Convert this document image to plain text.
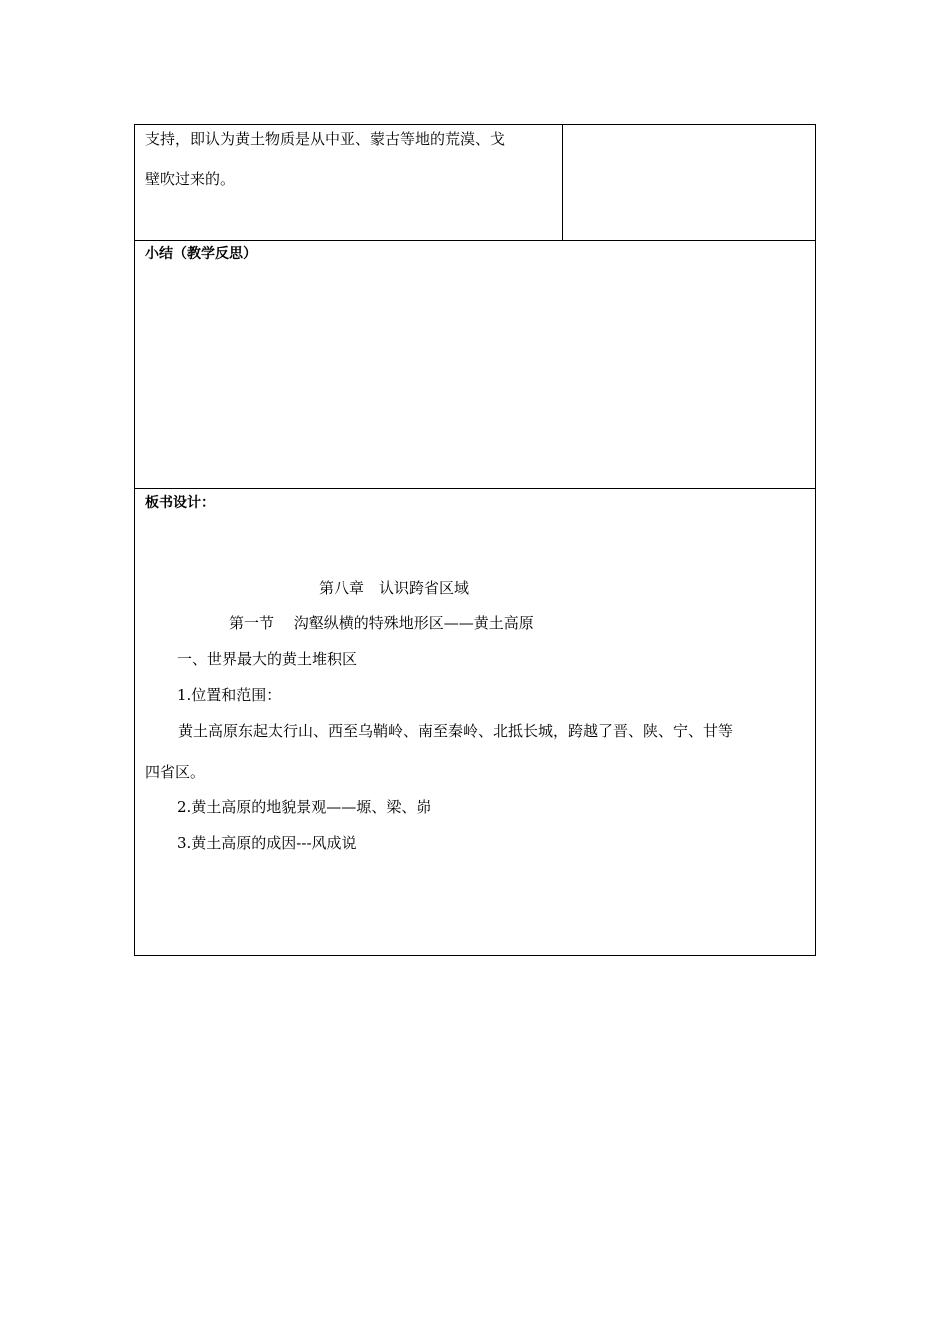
支持，即认为黄土物质是从中亚、蒙古等地的荒漠、戈
壁吹过来的。
小结（教学反思）
板书设计：
第八章　认识跨省区域
第一节　 沟壑纵横的特殊地形区——黄土高原
一、世界最大的黄土堆积区
1.位置和范围：
黄土高原东起太行山、西至乌鞘岭、南至秦岭、北抵长城，跨越了晋、陕、宁、甘等
四省区。
2.黄土高原的地貌景观——塬、梁、峁
3.黄土高原的成因---风成说
